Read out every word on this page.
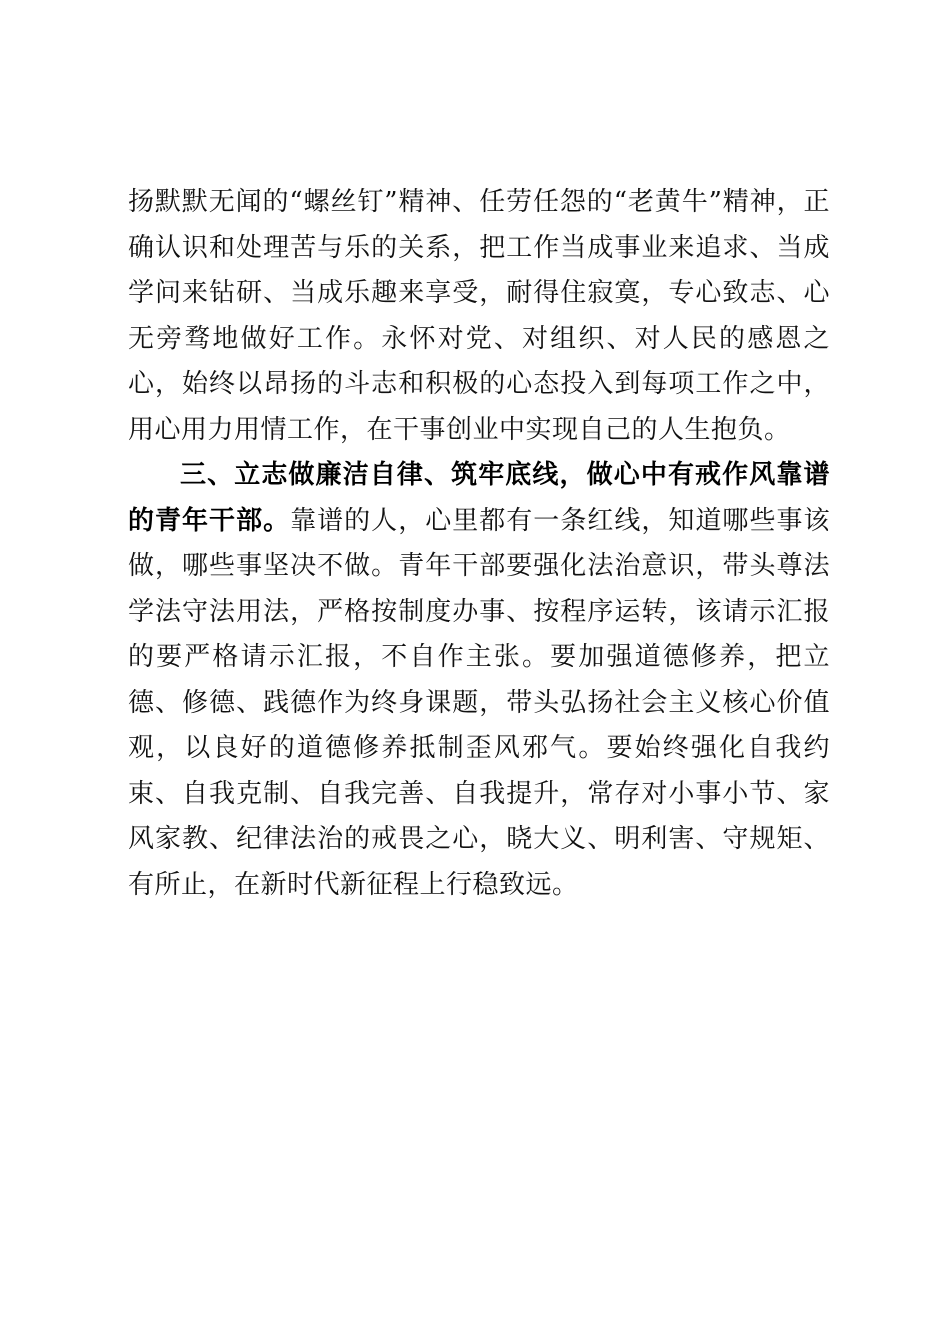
扬默默无闻的“螺丝钉”精神、任劳任怨的“老黄牛”精神，正确认识和处理苦与乐的关系，把工作当成事业来追求、当成学问来钻研、当成乐趣来享受，耐得住寂寞，专心致志、心无旁骛地做好工作。永怀对党、对组织、对人民的感恩之心，始终以昂扬的斗志和积极的心态投入到每项工作之中，用心用力用情工作，在干事创业中实现自己的人生抱负。

三、立志做廉洁自律、筑牢底线，做心中有戒作风靠谱的青年干部。靠谱的人，心里都有一条红线，知道哪些事该做，哪些事坚决不做。青年干部要强化法治意识，带头尊法学法守法用法，严格按制度办事、按程序运转，该请示汇报的要严格请示汇报，不自作主张。要加强道德修养，把立德、修德、践德作为终身课题，带头弘扬社会主义核心价值观，以良好的道德修养抵制歪风邪气。要始终强化自我约束、自我克制、自我完善、自我提升，常存对小事小节、家风家教、纪律法治的戒畏之心，晓大义、明利害、守规矩、有所止，在新时代新征程上行稳致远。
